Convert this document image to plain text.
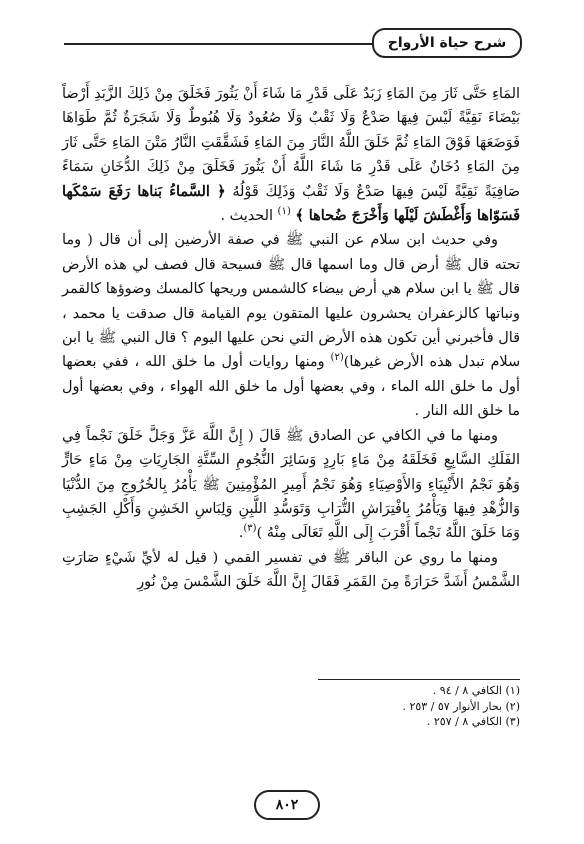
شرح حياة الأرواح

المَاءِ حَتَّى ثَارَ مِنَ المَاءِ زَبَدٌ عَلَى قَدْرِ مَا شَاءَ أَنْ يَثُورَ فَخَلَقَ مِنْ ذَلِكَ الزَّبَدِ أَرْضاً بَيْضَاءَ نَقِيَّةً لَيْسَ فِيهَا صَدْعٌ وَلَا ثَقْبٌ وَلَا صُعُودٌ وَلَا هُبُوطٌ وَلَا شَجَرَةٌ ثُمَّ طَوَاهَا فَوَضَعَهَا فَوْقَ المَاءِ ثُمَّ خَلَقَ اللَّهُ النَّارَ مِنَ المَاءِ فَشَقَّقَتِ النَّارُ مَتْنَ المَاءِ حَتَّى ثَارَ مِنَ المَاءِ دُخَانٌ عَلَى قَدْرِ مَا شَاءَ اللَّهُ أَنْ يَثُورَ فَخَلَقَ مِنْ ذَلِكَ الدُّخَانِ سَمَاءً صَافِيَةً نَقِيَّةً لَيْسَ فِيهَا صَدْعٌ وَلَا ثَقْبٌ وَذَلِكَ قَوْلُهُ ﴿ السَّماءُ بَناها رَفَعَ سَمْكَها فَسَوّاها وَأَغْطَشَ لَيْلَها وَأَخْرَجَ ضُحاها ﴾ $^{(١)}$ الحديث .

وفي حديث ابن سلام عن النبي ﷺ في صفة الأرضين إلى أن قال ( وما تحته قال ﷺ أرض قال وما اسمها قال ﷺ فسيحة قال فصف لي هذه الأرض قال ﷺ يا ابن سلام هي أرض بيضاء كالشمس وريحها كالمسك وضوؤها كالقمر ونباتها كالزعفران يحشرون عليها المتقون يوم القيامة قال صدقت يا محمد ، قال فأخبرني أين تكون هذه الأرض التي نحن عليها اليوم ؟ قال النبي ﷺ يا ابن سلام تبدل هذه الأرض غيرها)$^{(٢)}$ ومنها روايات أول ما خلق الله ، ففي بعضها أول ما خلق الله الماء ، وفي بعضها أول ما خلق الله الهواء ، وفي بعضها أول ما خلق الله النار .

ومنها ما في الكافي عن الصادق ﷺ قَالَ ( إِنَّ اللَّهَ عَزَّ وَجَلَّ خَلَقَ نَجْماً فِي الفَلَكِ السَّابِعِ فَخَلَقَهُ مِنْ مَاءٍ بَارِدٍ وَسَائِرَ النُّجُومِ السِّتَّةِ الجَارِيَاتِ مِنْ مَاءٍ حَارٍّ وَهُوَ نَجْمُ الأَنْبِيَاءِ وَالأَوْصِيَاءِ وَهُوَ نَجْمُ أَمِيرِ المُؤْمِنِينَ ﷺ يَأْمُرُ بِالخُرُوجِ مِنَ الدُّنْيَا وَالزُّهْدِ فِيهَا وَيَأْمُرُ بِافْتِرَاشِ التُّرَابِ وَتَوَسُّدِ اللَّبِنِ وَلِبَاسِ الخَشِنِ وَأَكْلِ الجَشِبِ وَمَا خَلَقَ اللَّهُ نَجْماً أَقْرَبَ إِلَى اللَّهِ تَعَالَى مِنْهُ )$^{(٣)}$.

ومنها ما روي عن الباقر ﷺ في تفسير القمي ( قيل له لأيِّ شَيْءٍ صَارَتِ الشَّمْسُ أَشَدَّ حَرَارَةً مِنَ القَمَرِ فَقَالَ إِنَّ اللَّهَ خَلَقَ الشَّمْسَ مِنْ نُورِ

(١) الكافي ٨ / ٩٤ .
(٢) بحار الأنوار ٥٧ / ٢٥٣ .
(٣) الكافي ٨ / ٢٥٧ .
٨٠٢
